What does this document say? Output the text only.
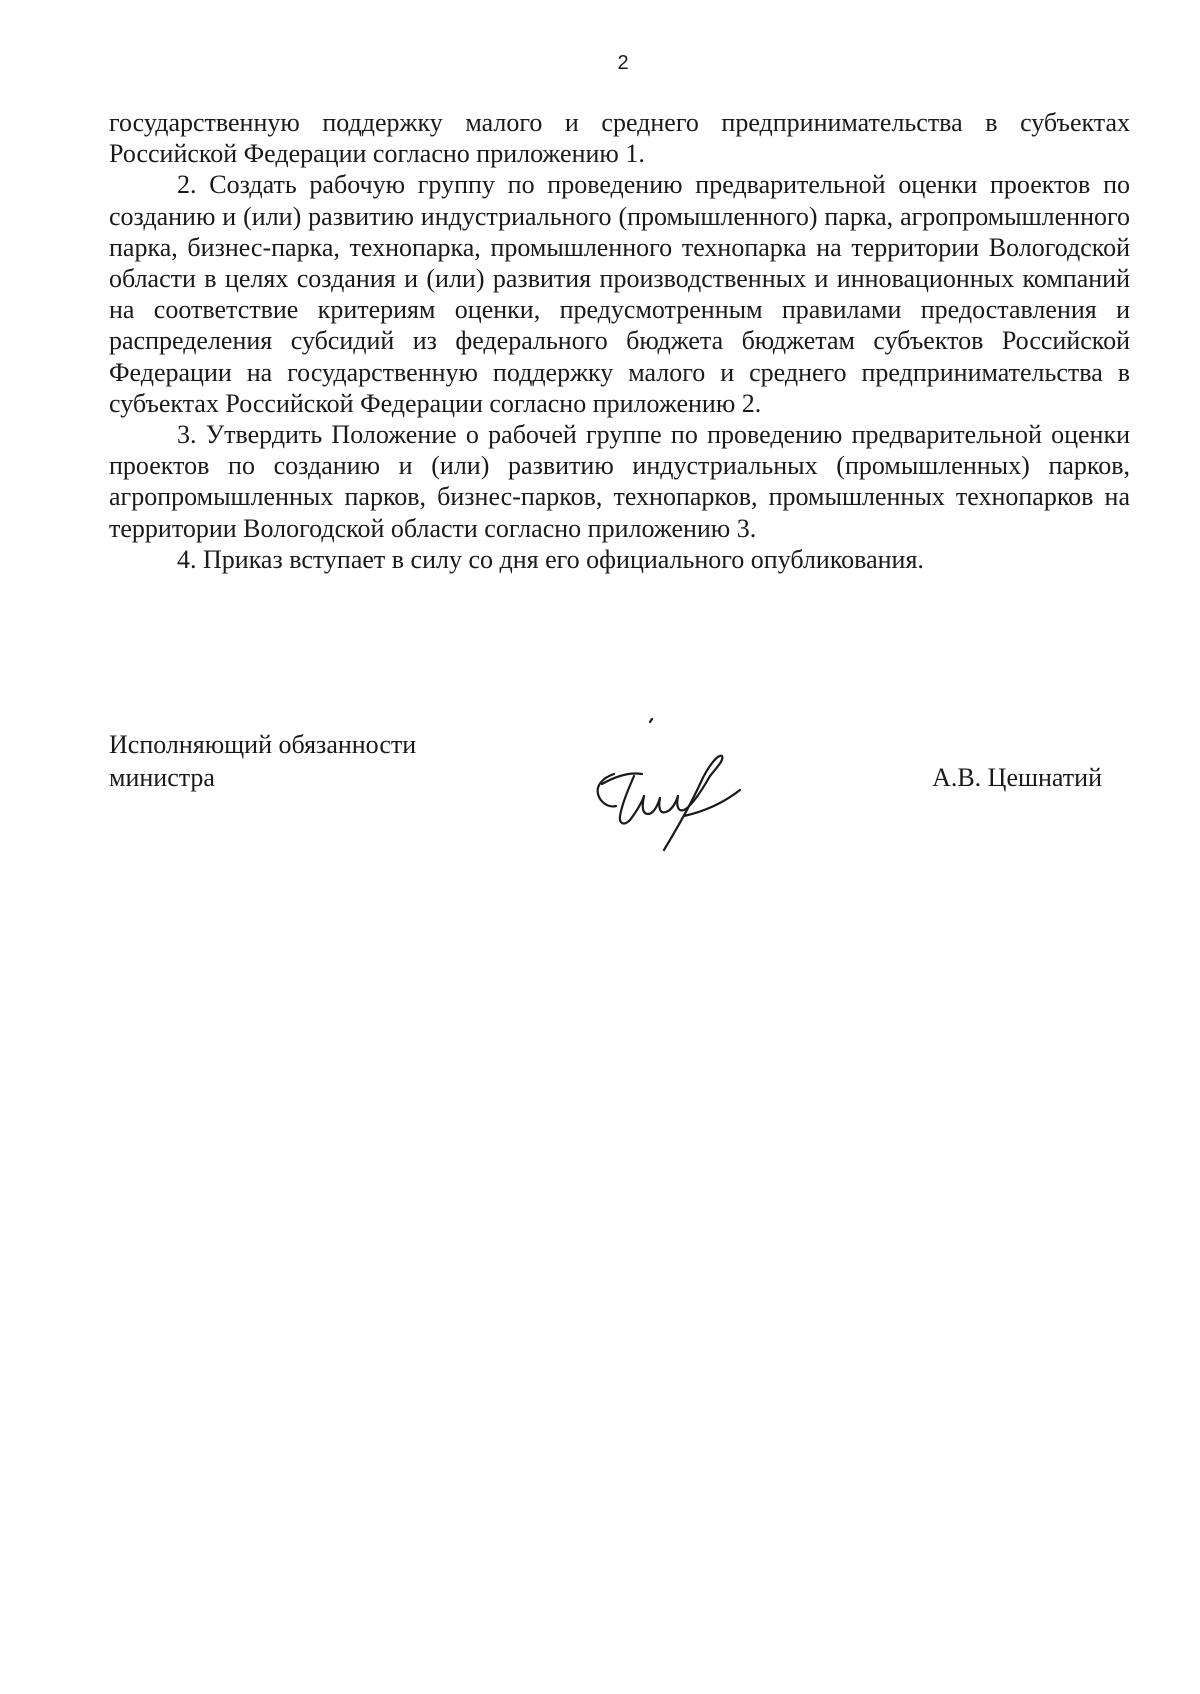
2

государственную поддержку малого и среднего предпринимательства в субъектах Российской Федерации согласно приложению 1.

2. Создать рабочую группу по проведению предварительной оценки проектов по созданию и (или) развитию индустриального (промышленного) парка, агропромышленного парка, бизнес-парка, технопарка, промышленного технопарка на территории Вологодской области в целях создания и (или) развития производственных и инновационных компаний на соответствие критериям оценки, предусмотренным правилами предоставления и распределения субсидий из федерального бюджета бюджетам субъектов Российской Федерации на государственную поддержку малого и среднего предпринимательства в субъектах Российской Федерации согласно приложению 2.

3. Утвердить Положение о рабочей группе по проведению предварительной оценки проектов по созданию и (или) развитию индустриальных (промышленных) парков, агропромышленных парков, бизнес-парков, технопарков, промышленных технопарков на территории Вологодской области согласно приложению 3.

4. Приказ вступает в силу со дня его официального опубликования.

Исполняющий обязанности
министра	А.В. Цешнатий
